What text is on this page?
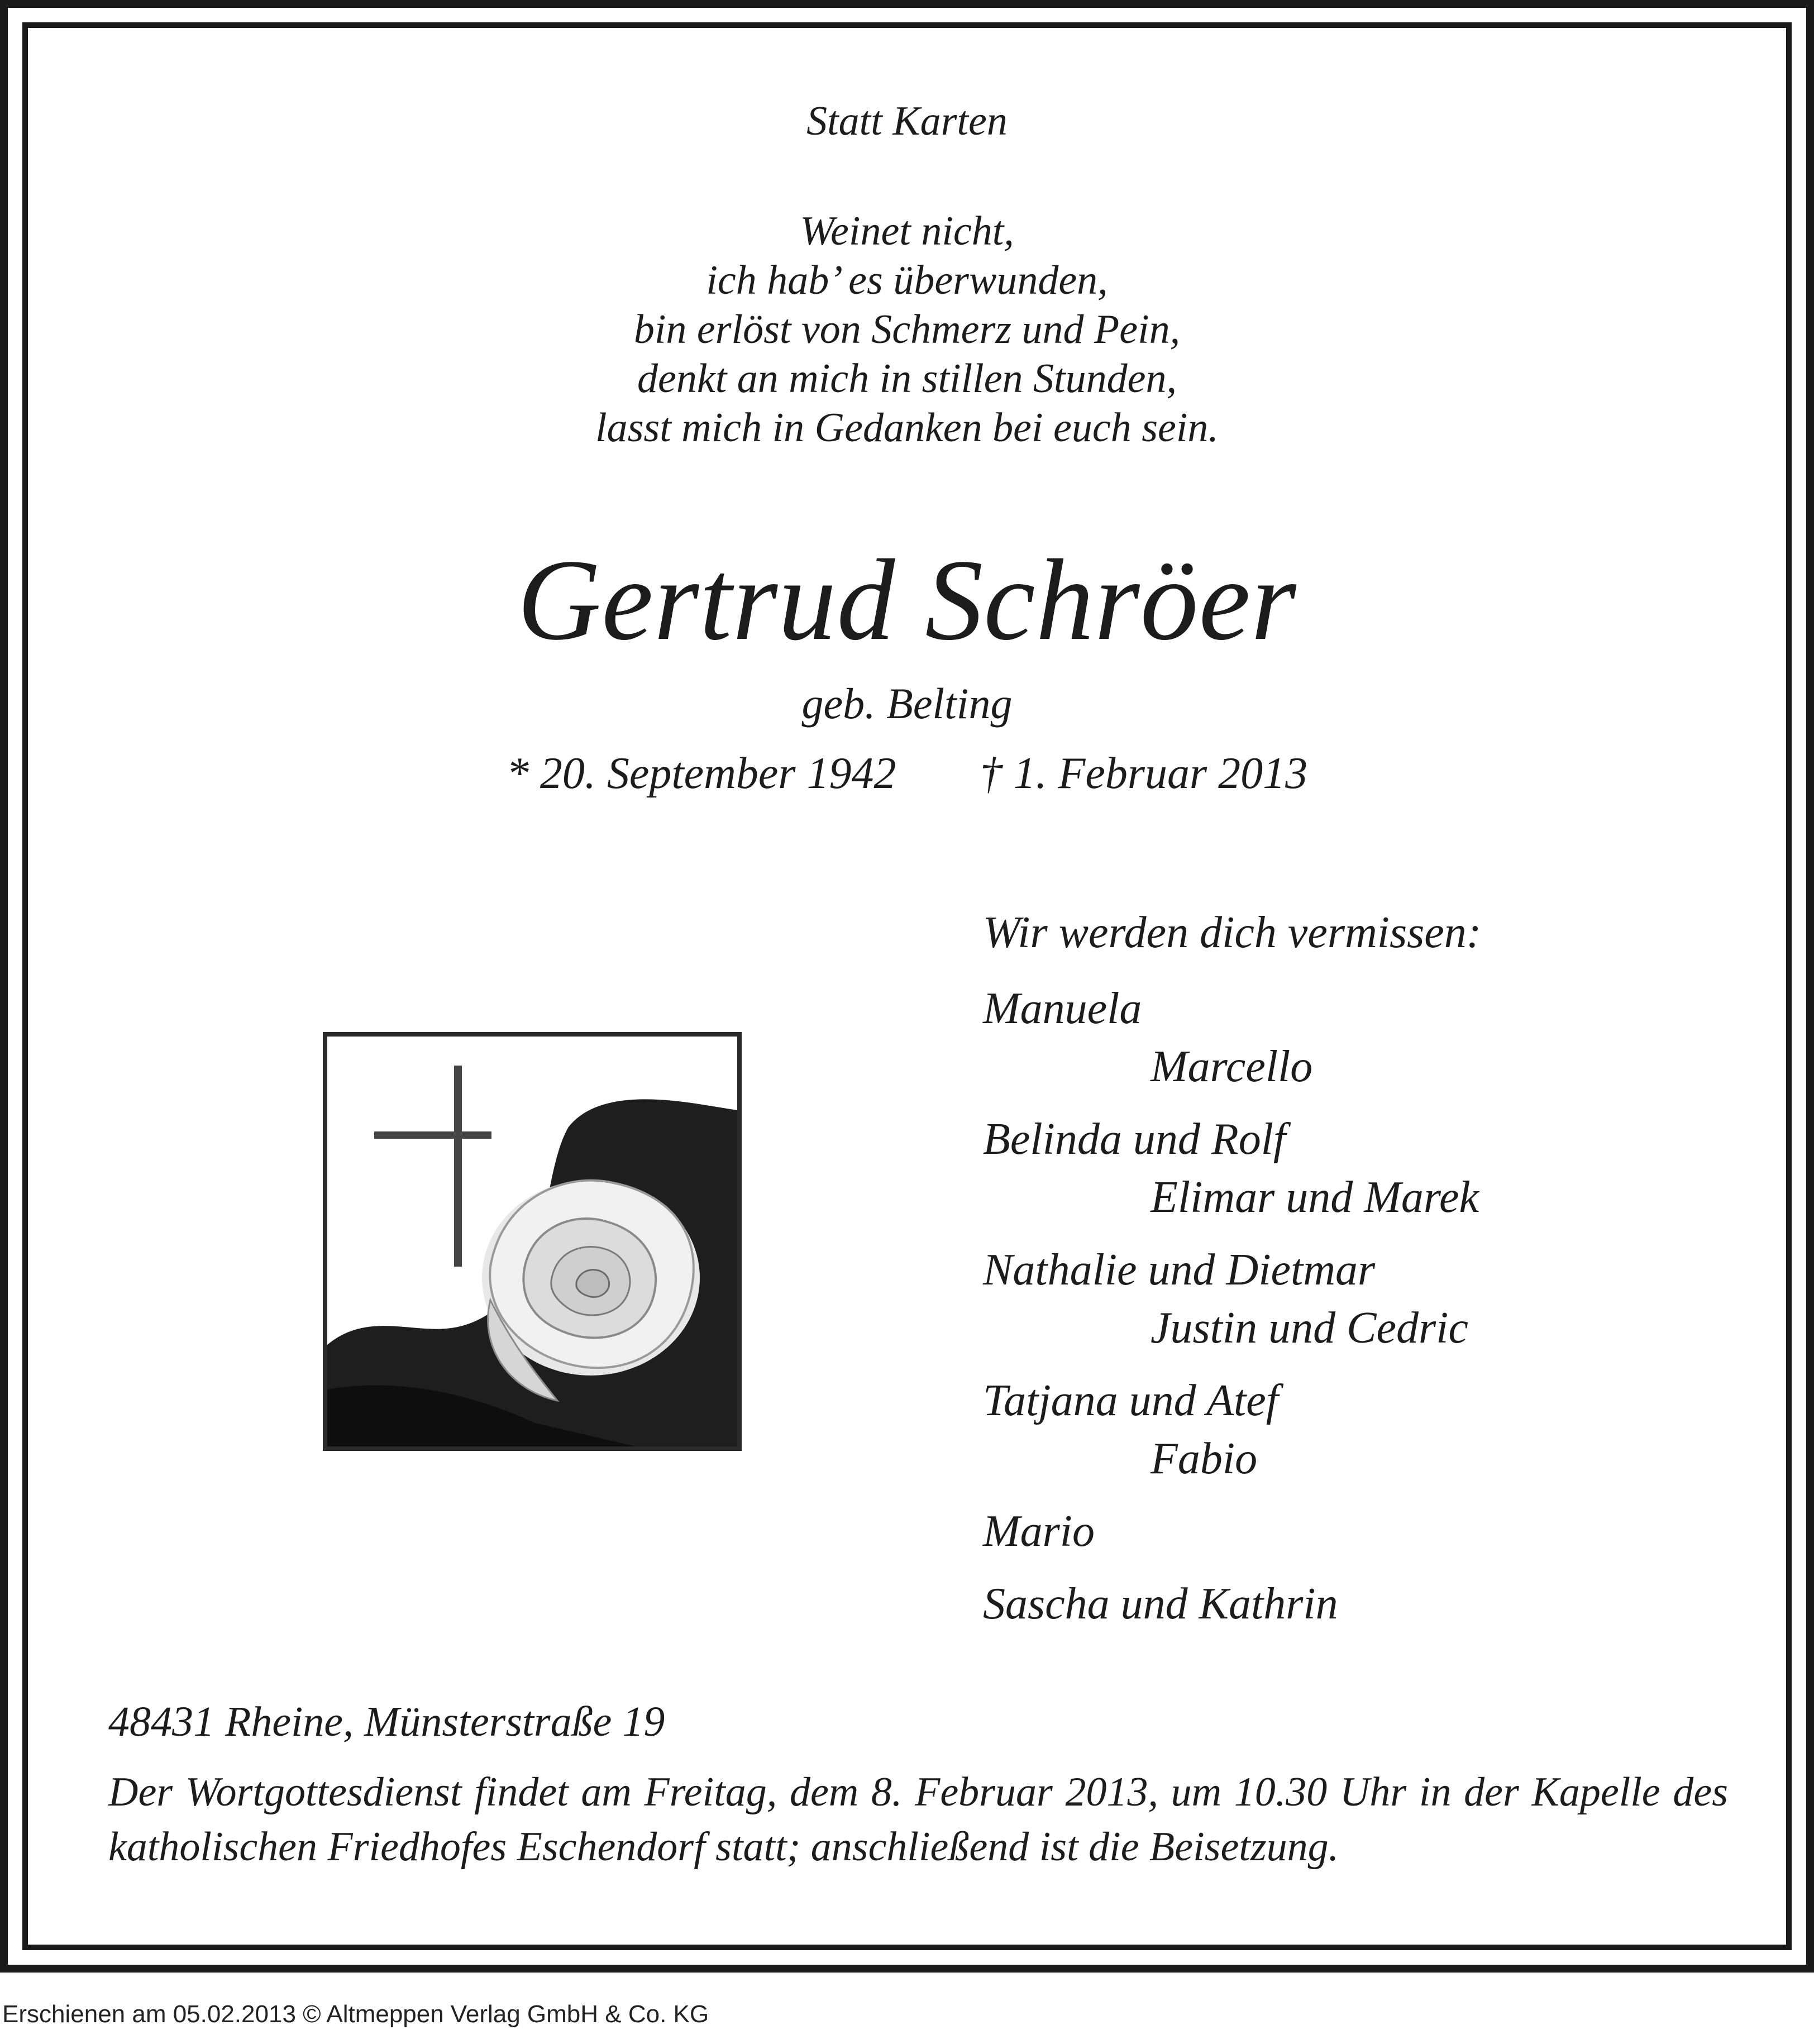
Statt Karten
Weinet nicht,
ich hab’ es überwunden,
bin erlöst von Schmerz und Pein,
denkt an mich in stillen Stunden,
lasst mich in Gedanken bei euch sein.
Gertrud Schröer
geb. Belting
* 20. September 1942 † 1. Februar 2013
Wir werden dich vermissen:
Manuela
Marcello
Belinda und Rolf
Elimar und Marek
Nathalie und Dietmar
Justin und Cedric
Tatjana und Atef
Fabio
Mario
Sascha und Kathrin
48431 Rheine, Münsterstraße 19
Der Wortgottesdienst findet am Freitag, dem 8. Februar 2013, um 10.30 Uhr in der Kapelle des katholischen Friedhofes Eschendorf statt; anschließend ist die Beisetzung.
Erschienen am 05.02.2013 © Altmeppen Verlag GmbH & Co. KG
